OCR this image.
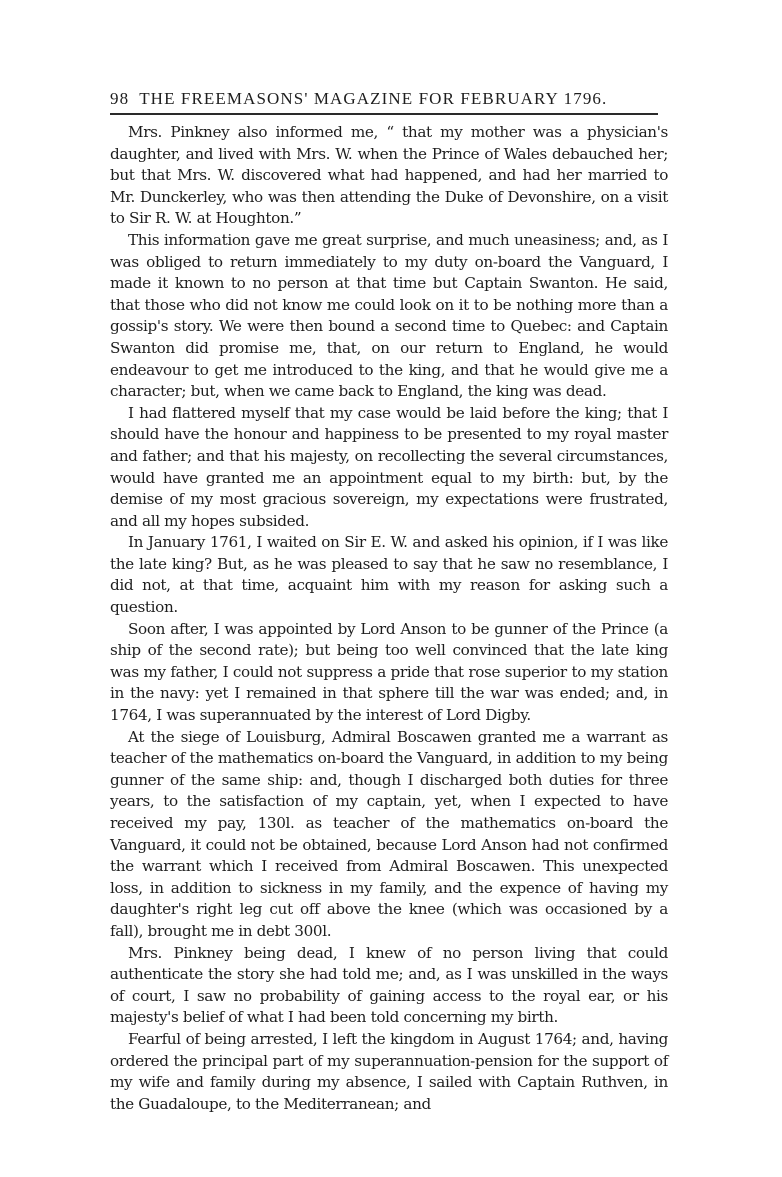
98 THE FREEMASONS' MAGAZINE FOR FEBRUARY 1796.

Mrs. Pinkney also informed me, “ that my mother was a physician's daughter, and lived with Mrs. W. when the Prince of Wales debauched her; but that Mrs. W. discovered what had happened, and had her married to Mr. Dunckerley, who was then attending the Duke of Devonshire, on a visit to Sir R. W. at Houghton.”

This information gave me great surprise, and much uneasiness; and, as I was obliged to return immediately to my duty on-board the Vanguard, I made it known to no person at that time but Captain Swanton. He said, that those who did not know me could look on it to be nothing more than a gossip's story. We were then bound a second time to Quebec: and Captain Swanton did promise me, that, on our return to England, he would endeavour to get me introduced to the king, and that he would give me a character; but, when we came back to England, the king was dead.

I had flattered myself that my case would be laid before the king; that I should have the honour and happiness to be presented to my royal master and father; and that his majesty, on recollecting the several circumstances, would have granted me an appointment equal to my birth: but, by the demise of my most gracious sovereign, my expectations were frustrated, and all my hopes subsided.

In January 1761, I waited on Sir E. W. and asked his opinion, if I was like the late king? But, as he was pleased to say that he saw no resemblance, I did not, at that time, acquaint him with my reason for asking such a question.

Soon after, I was appointed by Lord Anson to be gunner of the Prince (a ship of the second rate); but being too well convinced that the late king was my father, I could not suppress a pride that rose superior to my station in the navy: yet I remained in that sphere till the war was ended; and, in 1764, I was superannuated by the interest of Lord Digby.

At the siege of Louisburg, Admiral Boscawen granted me a warrant as teacher of the mathematics on-board the Vanguard, in addition to my being gunner of the same ship: and, though I discharged both duties for three years, to the satisfaction of my captain, yet, when I expected to have received my pay, 130l. as teacher of the mathematics on-board the Vanguard, it could not be obtained, because Lord Anson had not confirmed the warrant which I received from Admiral Boscawen. This unexpected loss, in addition to sickness in my family, and the expence of having my daughter's right leg cut off above the knee (which was occasioned by a fall), brought me in debt 300l.

Mrs. Pinkney being dead, I knew of no person living that could authenticate the story she had told me; and, as I was unskilled in the ways of court, I saw no probability of gaining access to the royal ear, or his majesty's belief of what I had been told concerning my birth.

Fearful of being arrested, I left the kingdom in August 1764; and, having ordered the principal part of my superannuation-pension for the support of my wife and family during my absence, I sailed with Captain Ruthven, in the Guadaloupe, to the Mediterranean; and
